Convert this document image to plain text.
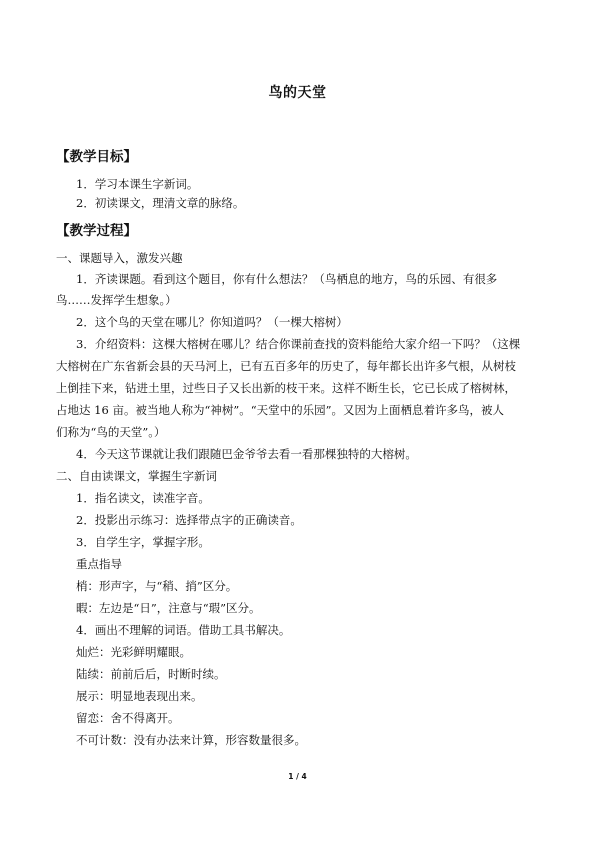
鸟的天堂
【教学目标】
1．学习本课生字新词。
2．初读课文，理清文章的脉络。
【教学过程】
一、课题导入，激发兴趣
1．齐读课题。看到这个题目，你有什么想法？（鸟栖息的地方，鸟的乐园、有很多
鸟……发挥学生想象。）
2．这个鸟的天堂在哪儿？你知道吗？（一棵大榕树）
3．介绍资料：这棵大榕树在哪儿？结合你课前查找的资料能给大家介绍一下吗？（这棵
大榕树在广东省新会县的天马河上，已有五百多年的历史了，每年都长出许多气根，从树枝
上倒挂下来，钻进土里，过些日子又长出新的枝干来。这样不断生长，它已长成了榕树林，
占地达 16 亩。被当地人称为“神树”。“天堂中的乐园”。又因为上面栖息着许多鸟，被人
们称为“鸟的天堂”。）
4．今天这节课就让我们跟随巴金爷爷去看一看那棵独特的大榕树。
二、自由读课文，掌握生字新词
1．指名读文，读准字音。
2．投影出示练习：选择带点字的正确读音。
3．自学生字，掌握字形。
重点指导
梢：形声字，与“稍、捎”区分。
暇：左边是“日”，注意与“瑕”区分。
4．画出不理解的词语。借助工具书解决。
灿烂：光彩鲜明耀眼。
陆续：前前后后，时断时续。
展示：明显地表现出来。
留恋：舍不得离开。
不可计数：没有办法来计算，形容数量很多。
1 / 4
